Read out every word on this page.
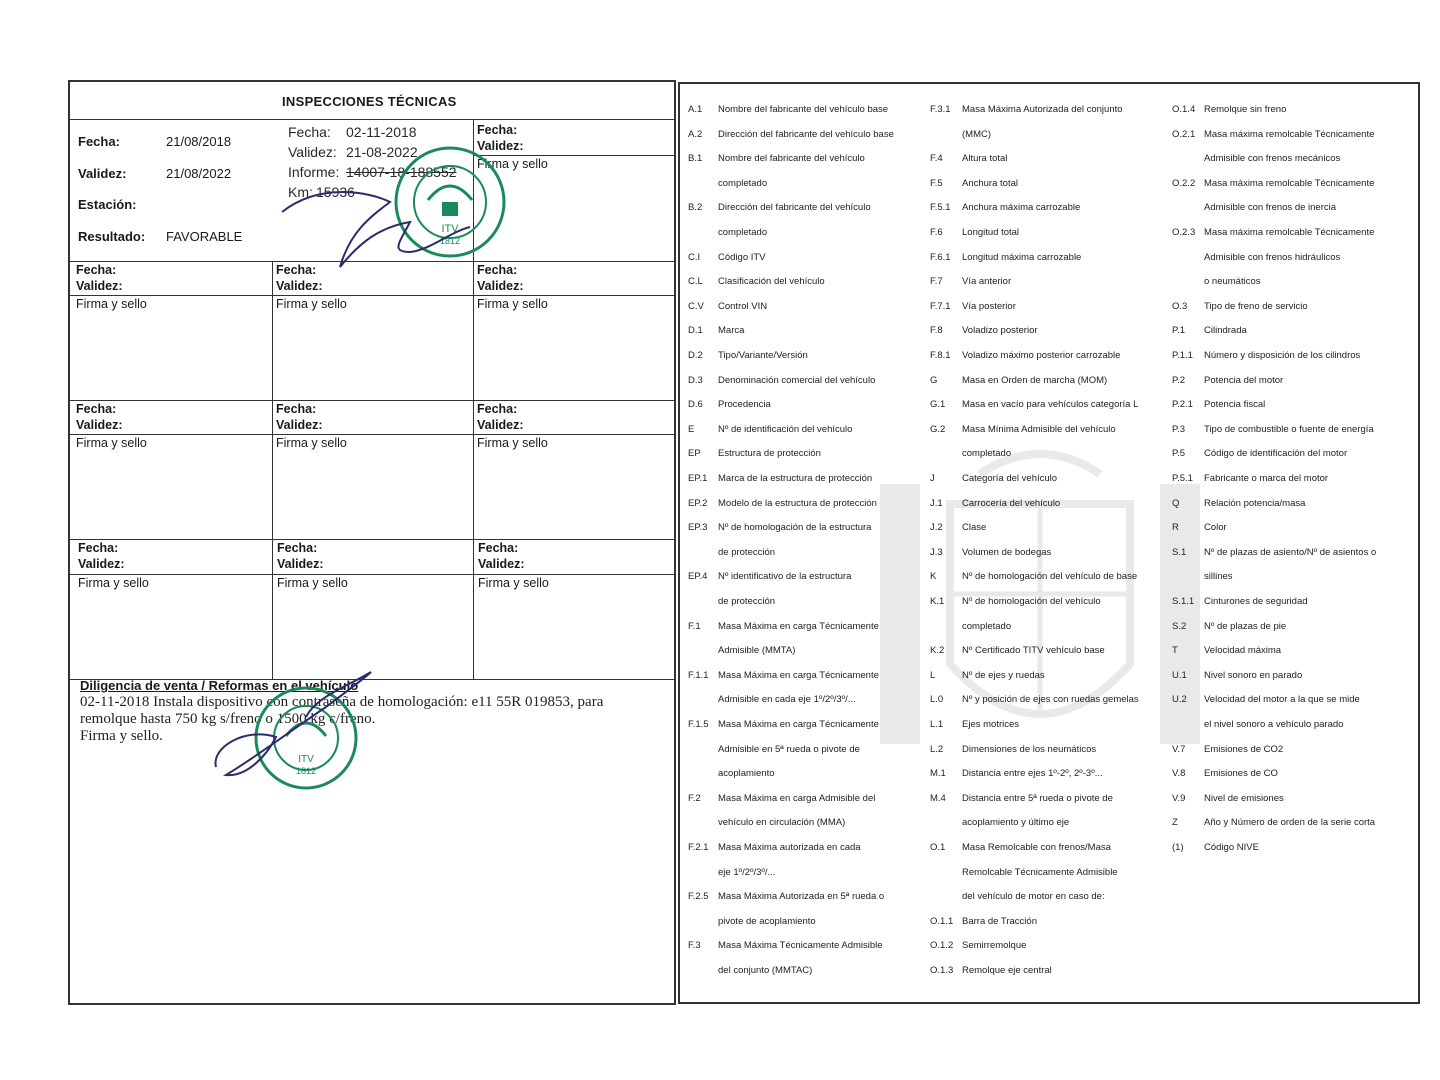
INSPECCIONES TÉCNICAS
Fecha:	21/08/2018
Validez:	21/08/2022
Estación:
Resultado: FAVORABLE
Fecha: 02-11-2018
Validez: 21-08-2022
Informe: 14007-18-188552
Km: 15936
Fecha:
Validez:
Firma y sello
Fecha:
Validez:
Firma y sello
Fecha:
Validez:
Firma y sello
Fecha:
Validez:
Firma y sello
Fecha:
Validez:
Firma y sello
Fecha:
Validez:
Firma y sello
Fecha:
Validez:
Firma y sello
Fecha:
Validez:
Firma y sello
Fecha:
Validez:
Firma y sello
Fecha:
Validez:
Firma y sello
Diligencia de venta / Reformas en el vehículo
02-11-2018 Instala dispositivo con contraseña de homologación: e11 55R 019853, para
remolque hasta 750 kg s/freno o 1500 kg c/freno.
Firma y sello.
ITV
1812
ITV
1812
A.1 Nombre del fabricante del vehículo base
A.2 Dirección del fabricante del vehículo base
B.1 Nombre del fabricante del vehículo
completado
B.2 Dirección del fabricante del vehículo
completado
C.I Código ITV
C.L Clasificación del vehículo
C.V Control VIN
D.1 Marca
D.2 Tipo/Variante/Versión
D.3 Denominación comercial del vehículo
D.6 Procedencia
E Nº de identificación del vehículo
EP Estructura de protección
EP.1 Marca de la estructura de protección
EP.2 Modelo de la estructura de protección
EP.3 Nº de homologación de la estructura
de protección
EP.4 Nº identificativo de la estructura
de protección
F.1 Masa Máxima en carga Técnicamente
Admisible (MMTA)
F.1.1 Masa Máxima en carga Técnicamente
Admisible en cada eje 1º/2º/3º/...
F.1.5 Masa Máxima en carga Técnicamente
Admisible en 5ª rueda o pivote de
acoplamiento
F.2 Masa Máxima en carga Admisible del
vehículo en circulación (MMA)
F.2.1 Masa Máxima autorizada en cada
eje 1º/2º/3º/...
F.2.5 Masa Máxima Autorizada en 5ª rueda o
pivote de acoplamiento
F.3 Masa Máxima Técnicamente Admisible
del conjunto (MMTAC)
F.3.1 Masa Máxima Autorizada del conjunto
(MMC)
F.4 Altura total
F.5 Anchura total
F.5.1 Anchura máxima carrozable
F.6 Longitud total
F.6.1 Longitud máxima carrozable
F.7 Vía anterior
F.7.1 Vía posterior
F.8 Voladizo posterior
F.8.1 Voladizo máximo posterior carrozable
G	Masa en Orden de marcha (MOM)
G.1 Masa en vacío para vehículos categoría L
G.2 Masa Mínima Admisible del vehículo
completado
J	Categoría del vehículo
J.1 Carrocería del vehículo
J.2 Clase
J.3 Volumen de bodegas
K	Nº de homologación del vehículo de base
K.1 Nº de homologación del vehículo
completado
K.2 Nº Certificado TITV vehículo base
L	Nº de ejes y ruedas
L.0 Nº y posición de ejes con ruedas gemelas
L.1 Ejes motrices
L.2 Dimensiones de los neumáticos
M.1 Distancia entre ejes 1º-2º, 2º-3º...
M.4 Distancia entre 5ª rueda o pivote de
acoplamiento y último eje
O.1 Masa Remolcable con frenos/Masa
Remolcable Técnicamente Admisible
del vehículo de motor en caso de:
O.1.1 Barra de Tracción
O.1.2 Semirremolque
O.1.3 Remolque eje central
O.1.4 Remolque sin freno
O.2.1 Masa máxima remolcable Técnicamente
Admisible con frenos mecánicos
O.2.2 Masa máxima remolcable Técnicamente
Admisible con frenos de inercia
O.2.3 Masa máxima remolcable Técnicamente
Admisible con frenos hidráulicos
o neumáticos
O.3 Tipo de freno de servicio
P.1 Cilindrada
P.1.1 Número y disposición de los cilindros
P.2 Potencia del motor
P.2.1 Potencia fiscal
P.3 Tipo de combustible o fuente de energía
P.5 Código de identificación del motor
P.5.1 Fabricante o marca del motor
Q	Relación potencia/masa
R	Color
S.1 Nº de plazas de asiento/Nº de asientos o
sillines
S.1.1 Cinturones de seguridad
S.2 Nº de plazas de pie
T	Velocidad máxima
U.1 Nivel sonoro en parado
U.2 Velocidad del motor a la que se mide
el nivel sonoro a vehículo parado
V.7 Emisiones de CO2
V.8 Emisiones de CO
V.9 Nivel de emisiones
Z	Año y Número de orden de la serie corta
(1) Código NIVE
